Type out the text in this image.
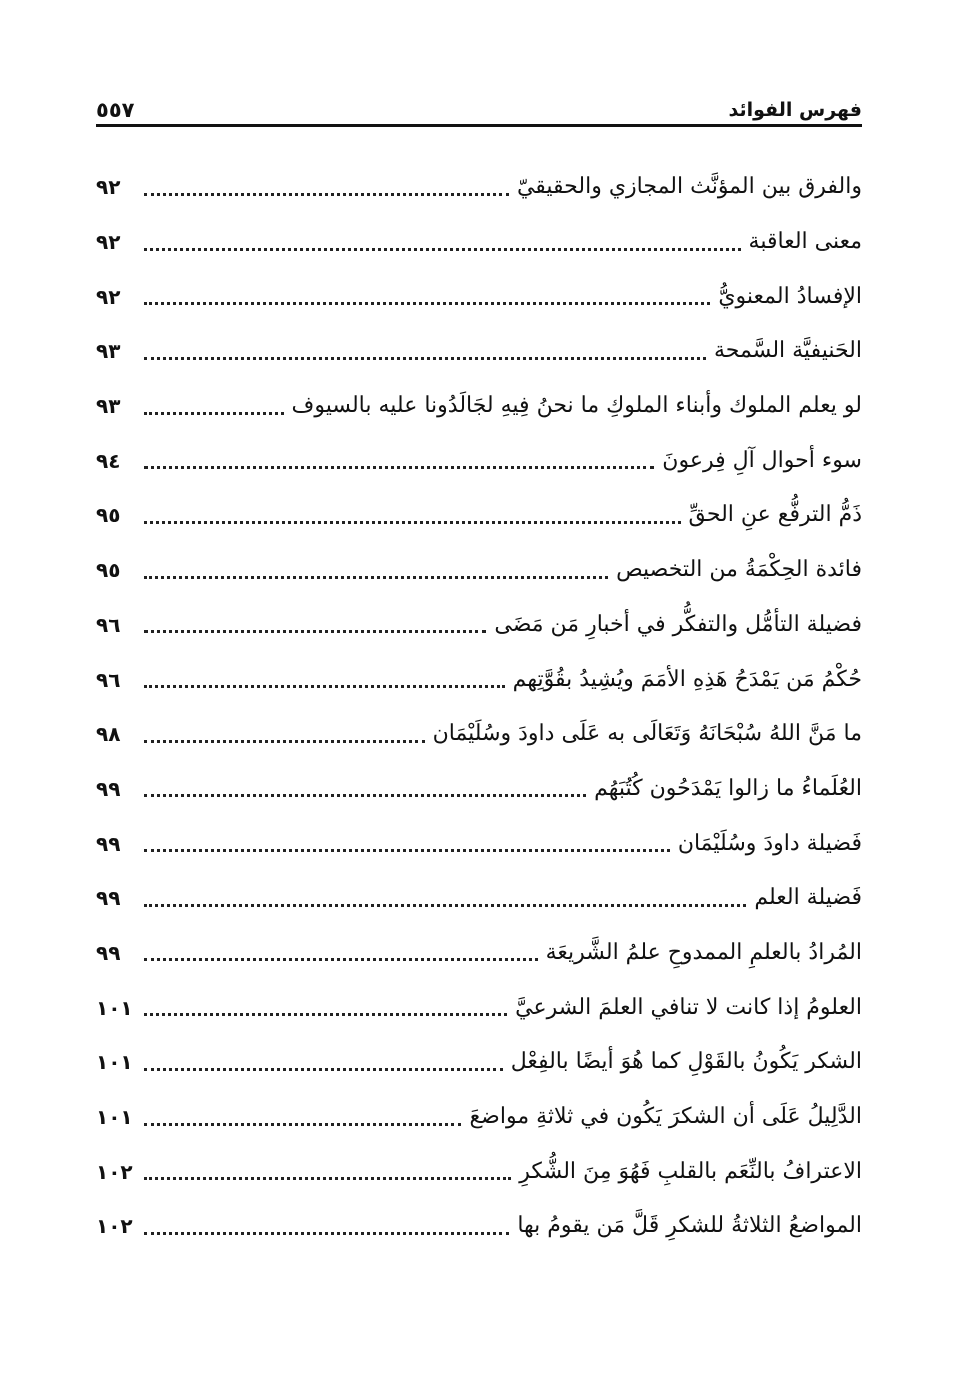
فهرس الفوائد
٥٥٧
والفرق بين المؤنَّث المجازي والحقيقيّ
٩٢
معنى العاقبة
٩٢
الإفسادُ المعنويُّ
٩٢
الحَنيفيَّة السَّمحة
٩٣
لو يعلم الملوك وأبناء الملوكِ ما نحنُ فِيهِ لجَالَدُونا عليه بالسيوف
٩٣
سوء أحوال آلِ فِرعونَ
٩٤
ذَمُّ الترفُّع عنِ الحقِّ
٩٥
فائدة الحِكْمَةُ من التخصيص
٩٥
فضيلة التأمُّل والتفكُّر في أخبارِ مَن مَضَى
٩٦
حُكْمُ مَن يَمْدَحُ هَذِهِ الأمَمَ ويُشِيدُ بقُوَّتِهم
٩٦
ما مَنَّ اللهُ سُبْحَانَهُ وَتَعَالَى به عَلَى داودَ وسُلَيْمَان
٩٨
العُلَماءُ ما زالوا يَمْدَحُون كُتُبَهُم
٩٩
فَضيلة داودَ وسُلَيْمَان
٩٩
فَضيلة العلم
٩٩
المُرادُ بالعلمِ الممدوحِ علمُ الشَّريعَة
٩٩
العلومُ إذا كانت لا تنافي العلمَ الشرعيَّ
١٠١
الشكر يَكُونُ بالقَوْلِ كما هُوَ أيضًا بالفِعْل
١٠١
الدَّلِيلُ عَلَى أن الشكرَ يَكُون في ثلاثةِ مواضعَ
١٠١
الاعترافُ بالنِّعَم بالقلبِ فَهُوَ مِنَ الشُّكرِ
١٠٢
المواضعُ الثلاثةُ للشكرِ قَلَّ مَن يقومُ بها
١٠٢
